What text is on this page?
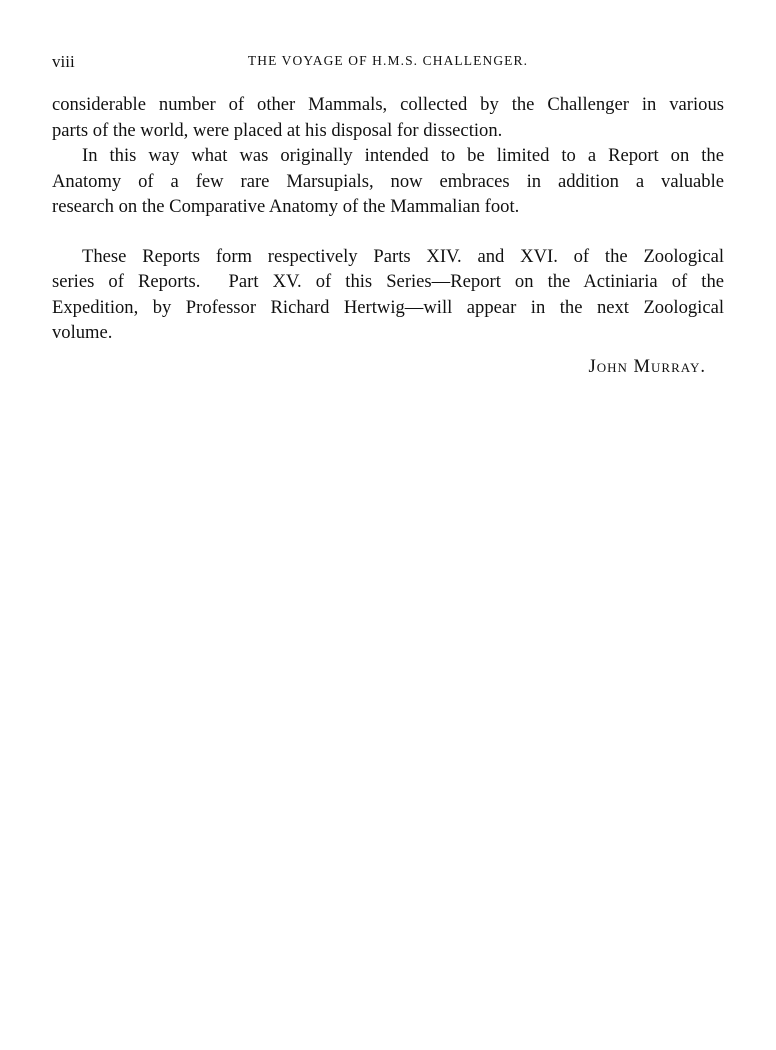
viii	THE VOYAGE OF H.M.S. CHALLENGER.

considerable number of other Mammals, collected by the Challenger in various
parts of the world, were placed at his disposal for dissection.

In this way what was originally intended to be limited to a Report on the
Anatomy of a few rare Marsupials, now embraces in addition a valuable
research on the Comparative Anatomy of the Mammalian foot.

These Reports form respectively Parts XIV. and XVI. of the Zoological
series of Reports.  Part XV. of this Series—Report on the Actiniaria of the
Expedition, by Professor Richard Hertwig—will appear in the next Zoological
volume.

John Murray.
